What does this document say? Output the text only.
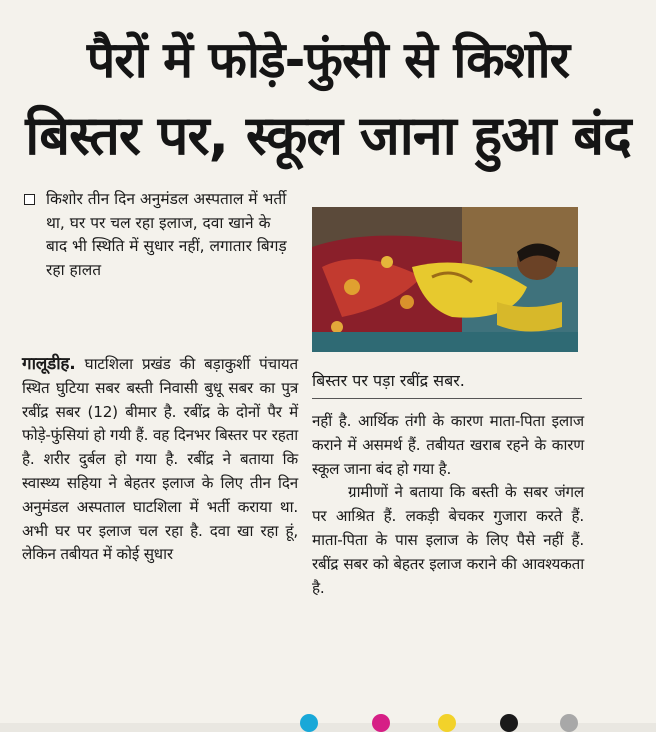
पैरों में फोड़े-फुंसी से किशोर
बिस्तर पर, स्कूल जाना हुआ बंद
किशोर तीन दिन अनुमंडल अस्पताल में भर्ती था, घर पर चल रहा इलाज, दवा खाने के बाद भी स्थिति में सुधार नहीं, लगातार बिगड़ रहा हालत
बिस्तर पर पड़ा रबींद्र सबर.
गालूडीह. घाटशिला प्रखंड की बड़ाकुर्शी पंचायत स्थित घुटिया सबर बस्ती निवासी बुधू सबर का पुत्र रबींद्र सबर (12) बीमार है. रबींद्र के दोनों पैर में फोड़े-फुंसियां हो गयी हैं. वह दिनभर बिस्तर पर रहता है. शरीर दुर्बल हो गया है. रबींद्र ने बताया कि स्वास्थ्य सहिया ने बेहतर इलाज के लिए तीन दिन अनुमंडल अस्पताल घाटशिला में भर्ती कराया था. अभी घर पर इलाज चल रहा है. दवा खा रहा हूं, लेकिन तबीयत में कोई सुधार
नहीं है. आर्थिक तंगी के कारण माता-पिता इलाज कराने में असमर्थ हैं. तबीयत खराब रहने के कारण स्कूल जाना बंद हो गया है.
ग्रामीणों ने बताया कि बस्ती के सबर जंगल पर आश्रित हैं. लकड़ी बेचकर गुजारा करते हैं. माता-पिता के पास इलाज के लिए पैसे नहीं हैं. रबींद्र सबर को बेहतर इलाज कराने की आवश्यकता है.
